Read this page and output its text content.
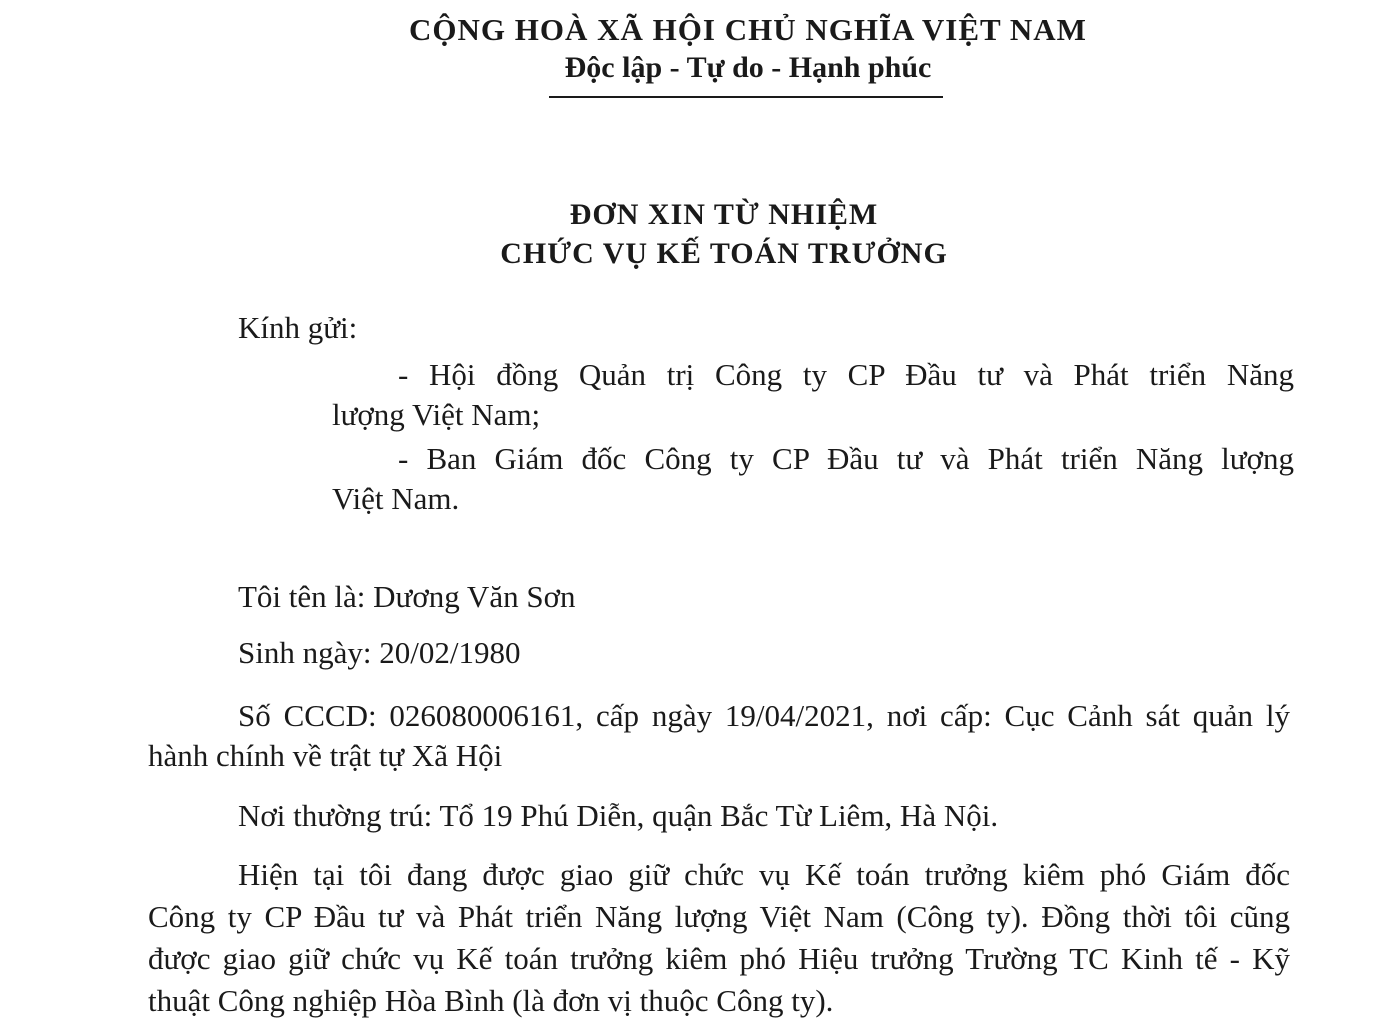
CỘNG HOÀ XÃ HỘI CHỦ NGHĨA VIỆT NAM
Độc lập - Tự do - Hạnh phúc
ĐƠN XIN TỪ NHIỆM
CHỨC VỤ KẾ TOÁN TRƯỞNG
Kính gửi:
- Hội đồng Quản trị Công ty CP Đầu tư và Phát triển Năng
lượng Việt Nam;
- Ban Giám đốc Công ty CP Đầu tư và Phát triển Năng lượng
Việt Nam.
Tôi tên là: Dương Văn Sơn
Sinh ngày: 20/02/1980
Số CCCD: 026080006161, cấp ngày 19/04/2021, nơi cấp: Cục Cảnh sát quản lý
hành chính về trật tự Xã Hội
Nơi thường trú: Tổ 19 Phú Diễn, quận Bắc Từ Liêm, Hà Nội.
Hiện tại tôi đang được giao giữ chức vụ Kế toán trưởng kiêm phó Giám đốc
Công ty CP Đầu tư và Phát triển Năng lượng Việt Nam (Công ty). Đồng thời tôi cũng
được giao giữ chức vụ Kế toán trưởng kiêm phó Hiệu trưởng Trường TC Kinh tế - Kỹ
thuật Công nghiệp Hòa Bình (là đơn vị thuộc Công ty).
